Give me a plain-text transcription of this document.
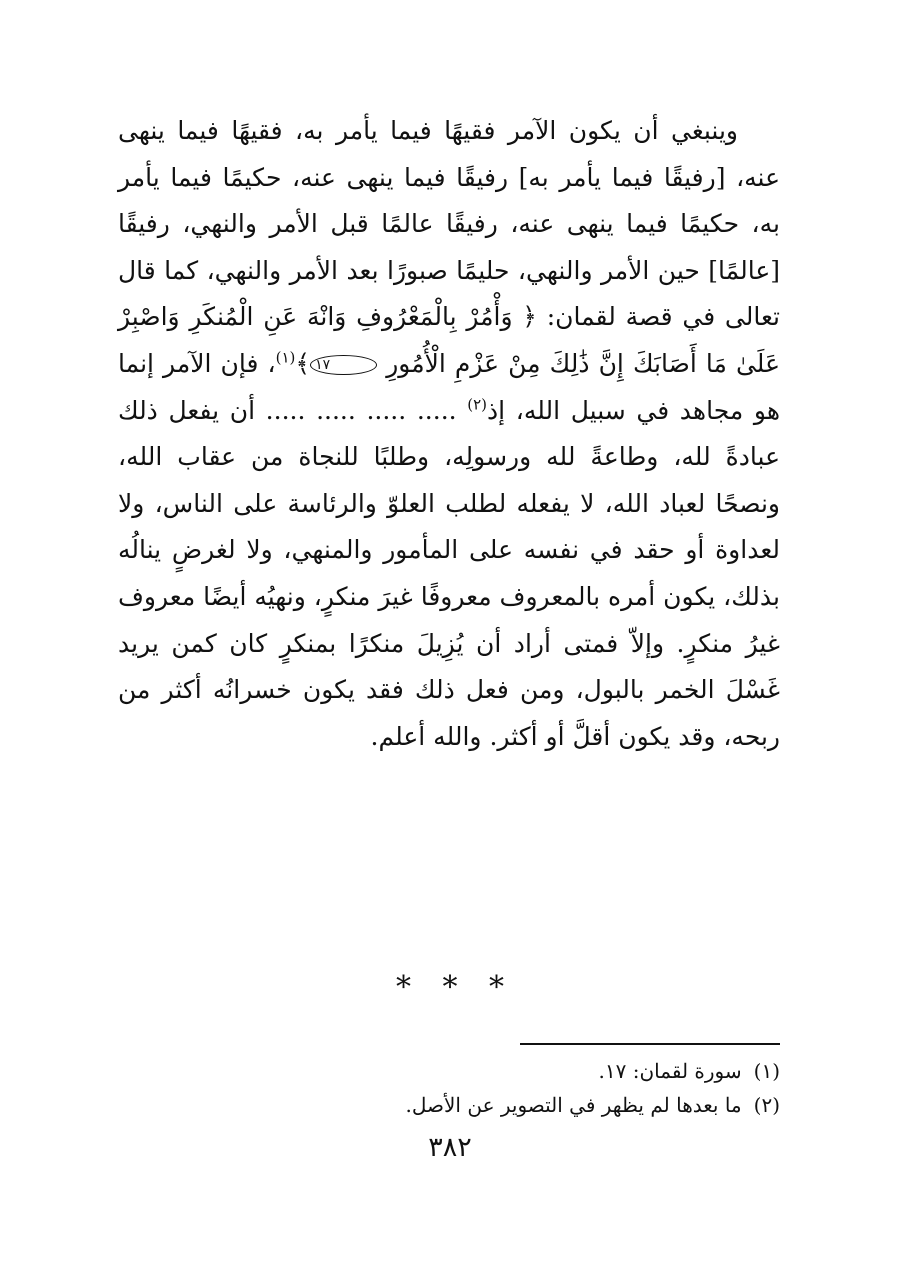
وينبغي أن يكون الآمر فقيهًا فيما يأمر به، فقيهًا فيما ينهى عنه، [رفيقًا فيما يأمر به] رفيقًا فيما ينهى عنه، حكيمًا فيما يأمر به، حكيمًا فيما ينهى عنه، رفيقًا عالمًا قبل الأمر والنهي، رفيقًا [عالمًا] حين الأمر والنهي، حليمًا صبورًا بعد الأمر والنهي، كما قال تعالى في قصة لقمان: ﴿ وَأْمُرْ بِالْمَعْرُوفِ وَانْهَ عَنِ الْمُنكَرِ وَاصْبِرْ عَلَىٰ مَا أَصَابَكَ إِنَّ ذَٰلِكَ مِنْ عَزْمِ الْأُمُورِ ١٧﴾$^{(١)}$، فإن الآمر إنما هو مجاهد في سبيل الله، إذ$^{(٢)}$ ..... ..... ..... ..... أن يفعل ذلك عبادةً لله، وطاعةً لله ورسولِه، وطلبًا للنجاة من عقاب الله، ونصحًا لعباد الله، لا يفعله لطلب العلوّ والرئاسة على الناس، ولا لعداوة أو حقد في نفسه على المأمور والمنهي، ولا لغرضٍ ينالُه بذلك، يكون أمره بالمعروف معروفًا غيرَ منكرٍ، ونهيُه أيضًا معروف غيرُ منكرٍ. وإلاّ فمتى أراد أن يُزِيلَ منكرًا بمنكرٍ كان كمن يريد غَسْلَ الخمر بالبول، ومن فعل ذلك فقد يكون خسرانُه أكثر من ربحه، وقد يكون أقلَّ أو أكثر. والله أعلم.

* * *
(١)سورة لقمان: ١٧.
(٢)ما بعدها لم يظهر في التصوير عن الأصل.
٣٨٢
